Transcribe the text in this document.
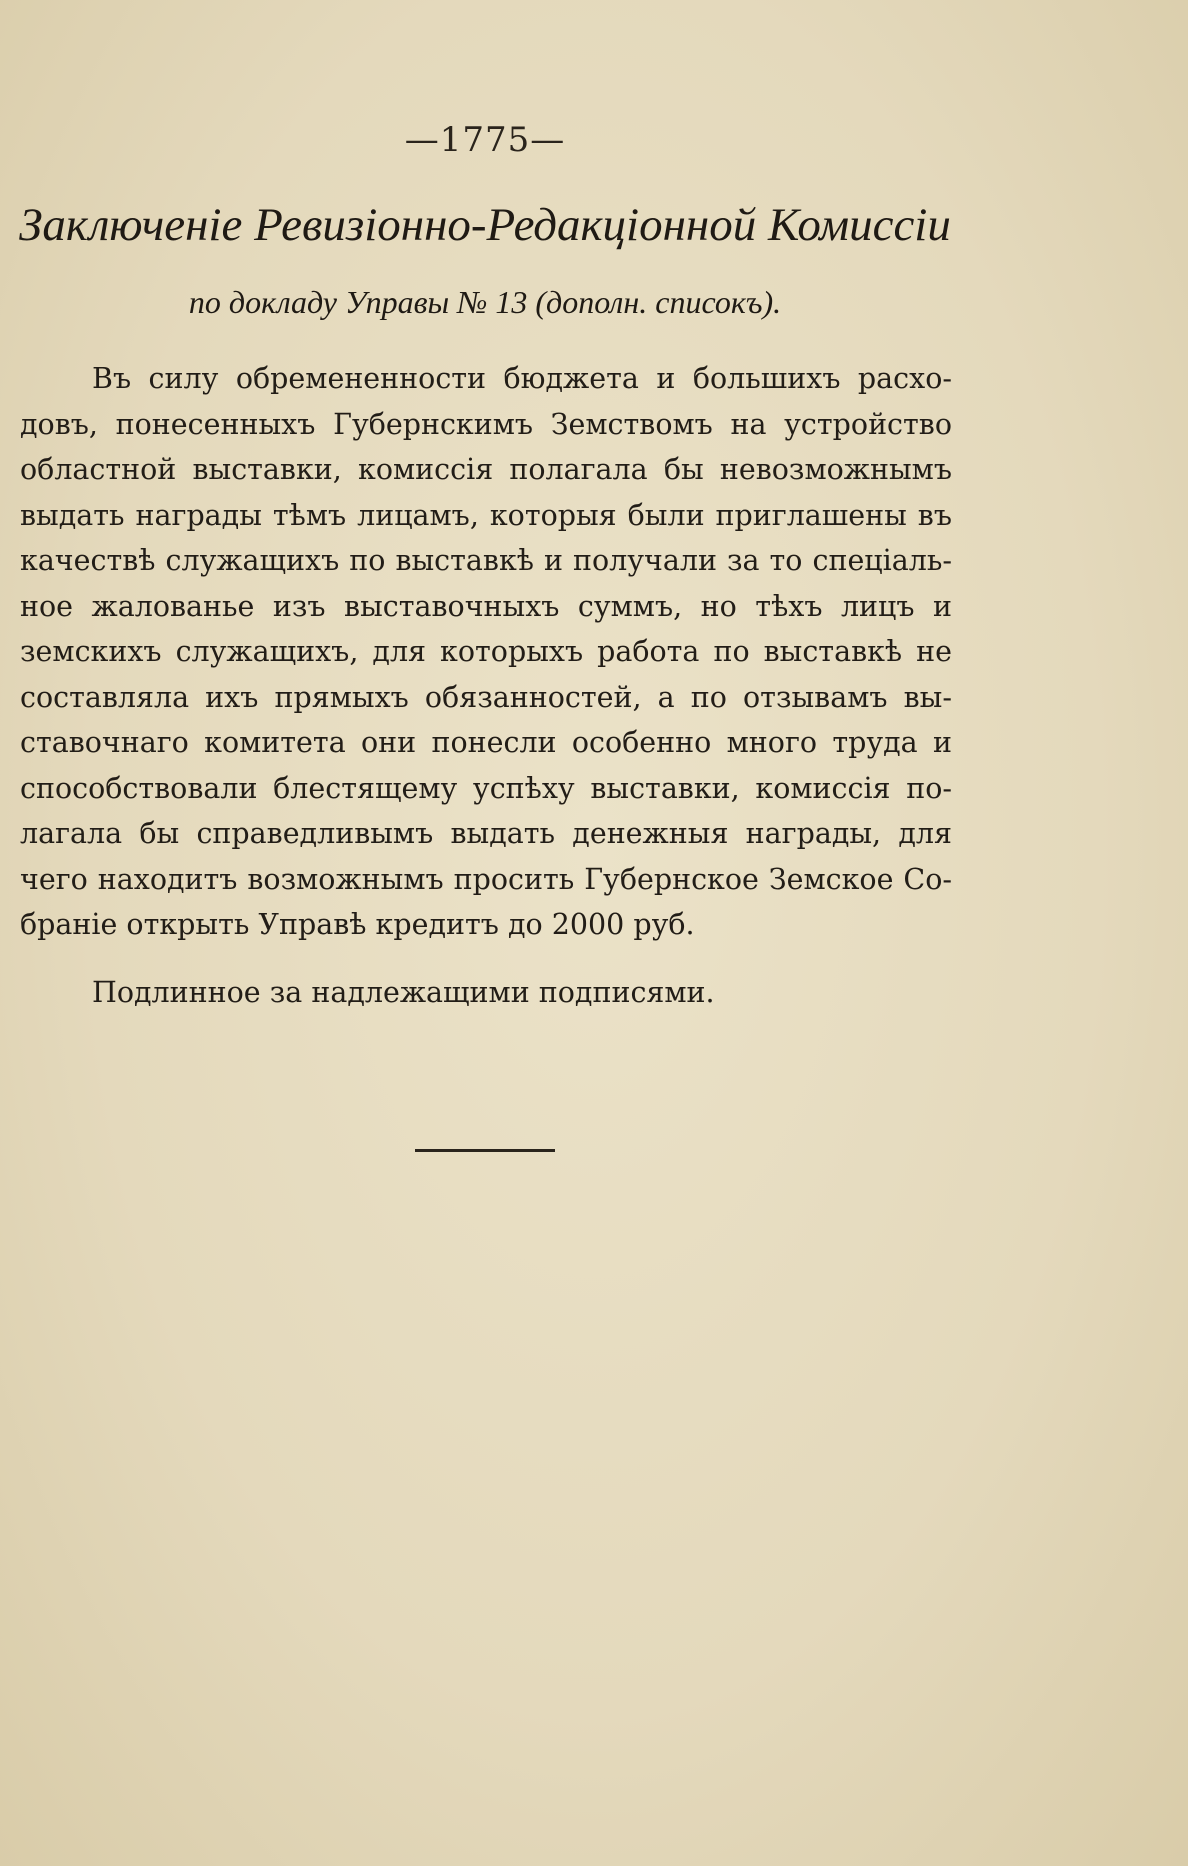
—1775—
Заключеніе Ревизіонно-Редакціонной Комиссіи
по докладу Управы № 13 (дополн. списокъ).
Въ силу обремененности бюджета и большихъ расхо-
довъ, понесенныхъ Губернскимъ Земствомъ на устройство
областной выставки, комиссія полагала бы невозможнымъ
выдать награды тѣмъ лицамъ, которыя были приглашены въ
качествѣ служащихъ по выставкѣ и получали за то спеціаль-
ное жалованье изъ выставочныхъ суммъ, но тѣхъ лицъ и
земскихъ служащихъ, для которыхъ работа по выставкѣ не
составляла ихъ прямыхъ обязанностей, а по отзывамъ вы-
ставочнаго комитета они понесли особенно много труда и
способствовали блестящему успѣху выставки, комиссія по-
лагала бы справедливымъ выдать денежныя награды, для
чего находитъ возможнымъ просить Губернское Земское Со-
браніе открыть Управѣ кредитъ до 2000 руб.
Подлинное за надлежащими подписями.
